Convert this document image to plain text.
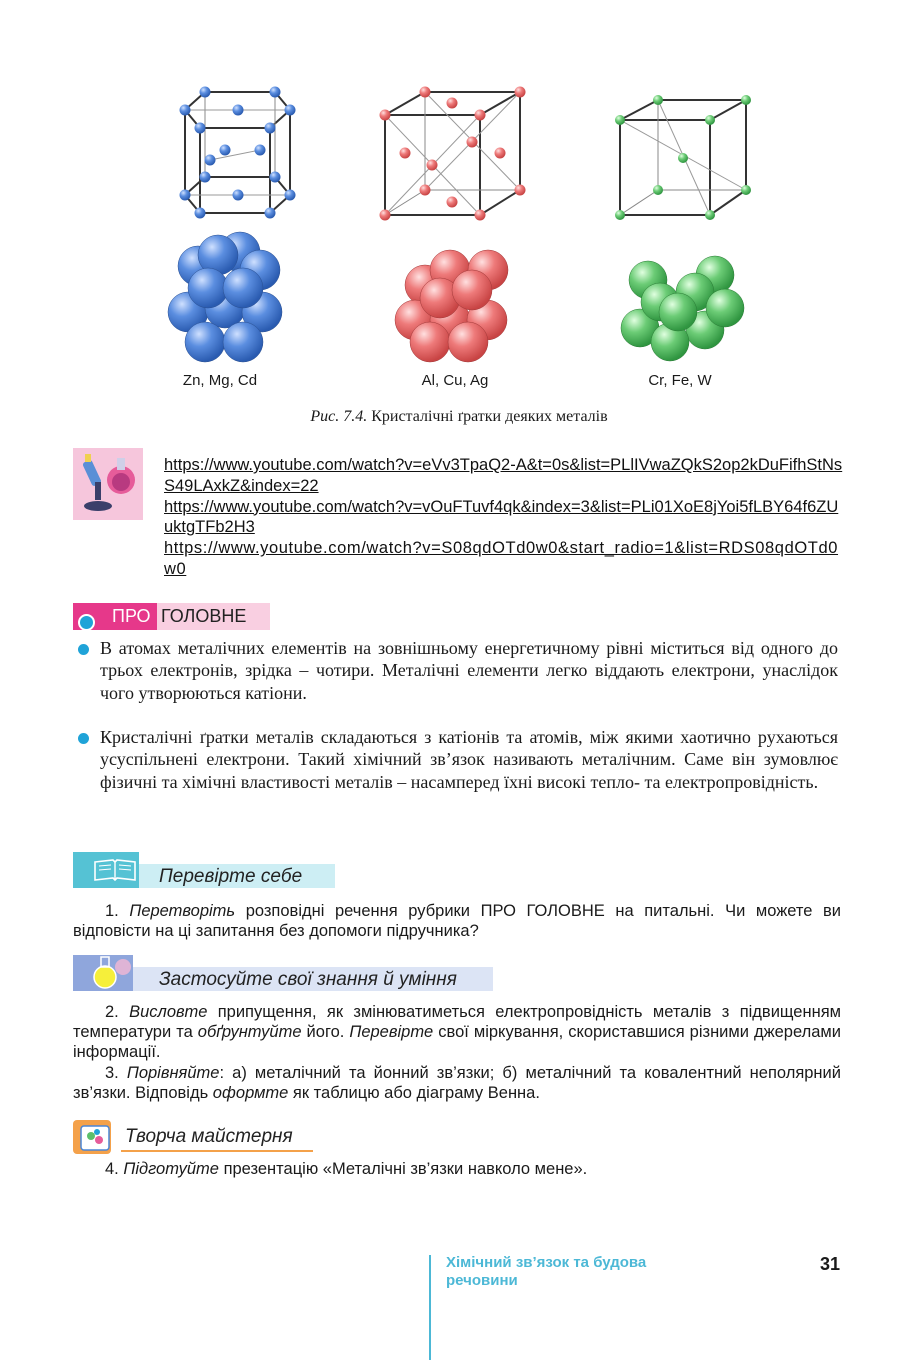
Zn, Mg, Cd	Al, Cu, Ag	Cr, Fe, W
Рис. 7.4. Кристалічні ґратки деяких металів
https://www.youtube.com/watch?v=eVv3TpaQ2-A&t=0s&list=PLlIVwaZQkS2op2kDuFifhStNsS49LAxkZ&index=22
https://www.youtube.com/watch?v=vOuFTuvf4qk&index=3&list=PLi01XoE8jYoi5fLBY64f6ZUuktgTFb2H3
https://www.youtube.com/watch?v=S08qdOTd0w0&start_radio=1&list=RDS08qdOTd0w0
ПРО ГОЛОВНЕ
В атомах металічних елементів на зовнішньому енергетичному рівні міститься від одного до трьох електронів, зрідка – чотири. Металічні елементи легко віддають електрони, унаслідок чого утворюються катіони.
Кристалічні ґратки металів складаються з катіонів та атомів, між якими хаотично рухаються усуспільнені електрони. Такий хімічний зв’язок називають металічним. Саме він зумовлює фізичні та хімічні властивості металів – насамперед їхні високі тепло- та електропровідність.
Перевірте себе
1. Перетворіть розповідні речення рубрики ПРО ГОЛОВНЕ на питальні. Чи можете ви відповісти на ці запитання без допомоги підручника?
Застосуйте свої знання й уміння
2. Висловте припущення, як змінюватиметься електропровідність металів з підвищенням температури та обґрунтуйте його. Перевірте свої міркування, скориставшися різними джерелами інформації.
3. Порівняйте: а) металічний та йонний зв’язки; б) металічний та ковалентний неполярний зв’язки. Відповідь оформте як таблицю або діаграму Венна.
Творча майстерня
4. Підготуйте презентацію «Металічні зв’язки навколо мене».
Хімічний зв’язок та будова речовини
31
